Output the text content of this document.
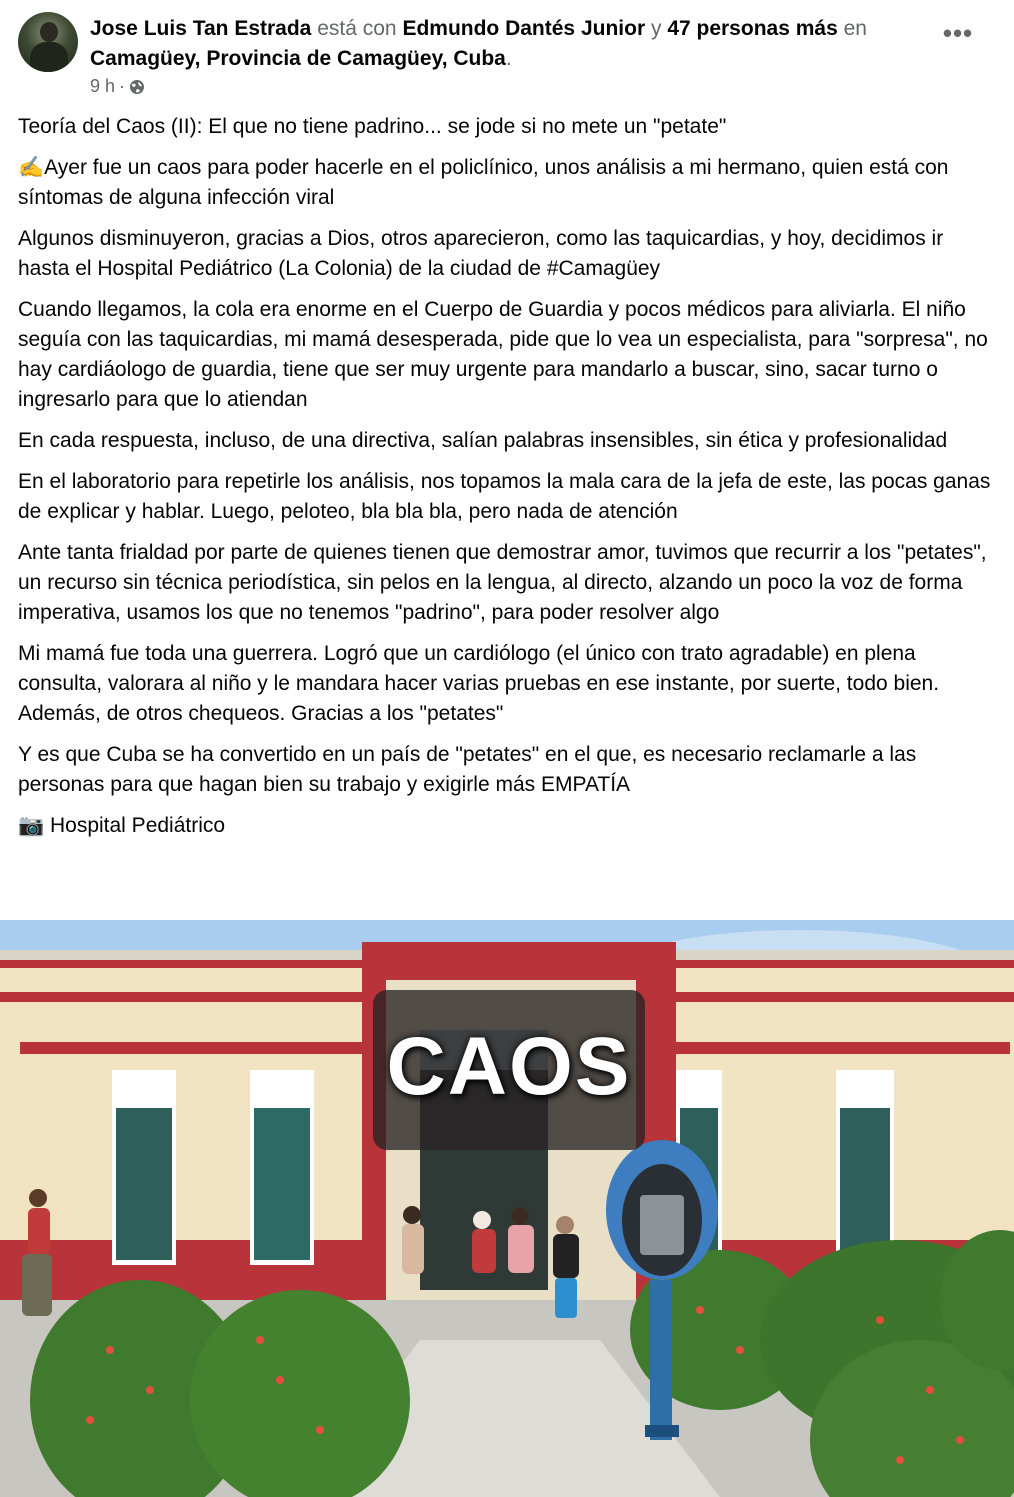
Jose Luis Tan Estrada está con Edmundo Dantés Junior y 47 personas más en Camagüey, Provincia de Camagüey, Cuba.
9 h ·
•••

Teoría del Caos (II): El que no tiene padrino... se jode si no mete un "petate"

✍️Ayer fue un caos para poder hacerle en el policlínico, unos análisis a mi hermano, quien está con síntomas de alguna infección viral

Algunos disminuyeron, gracias a Dios, otros aparecieron, como las taquicardias, y hoy, decidimos ir hasta el Hospital Pediátrico (La Colonia) de la ciudad de #Camagüey

Cuando llegamos, la cola era enorme en el Cuerpo de Guardia y pocos médicos para aliviarla. El niño seguía con las taquicardias, mi mamá desesperada, pide que lo vea un especialista, para "sorpresa", no hay cardiáologo de guardia, tiene que ser muy urgente para mandarlo a buscar, sino, sacar turno o ingresarlo para que lo atiendan

En cada respuesta, incluso, de una directiva, salían palabras insensibles, sin ética y profesionalidad

En el laboratorio para repetirle los análisis, nos topamos la mala cara de la jefa de este, las pocas ganas de explicar y hablar. Luego, peloteo, bla bla bla, pero nada de atención

Ante tanta frialdad por parte de quienes tienen que demostrar amor, tuvimos que recurrir a los "petates", un recurso sin técnica periodística, sin pelos en la lengua, al directo, alzando un poco la voz de forma imperativa, usamos los que no tenemos "padrino", para poder resolver algo

Mi mamá fue toda una guerrera. Logró que un cardiólogo (el único con trato agradable) en plena consulta, valorara al niño y le mandara hacer varias pruebas en ese instante, por suerte, todo bien. Además, de otros chequeos. Gracias a los "petates"

Y es que Cuba se ha convertido en un país de "petates" en el que, es necesario reclamarle a las personas para que hagan bien su trabajo y exigirle más EMPATÍA

📷 Hospital Pediátrico

CAOS
